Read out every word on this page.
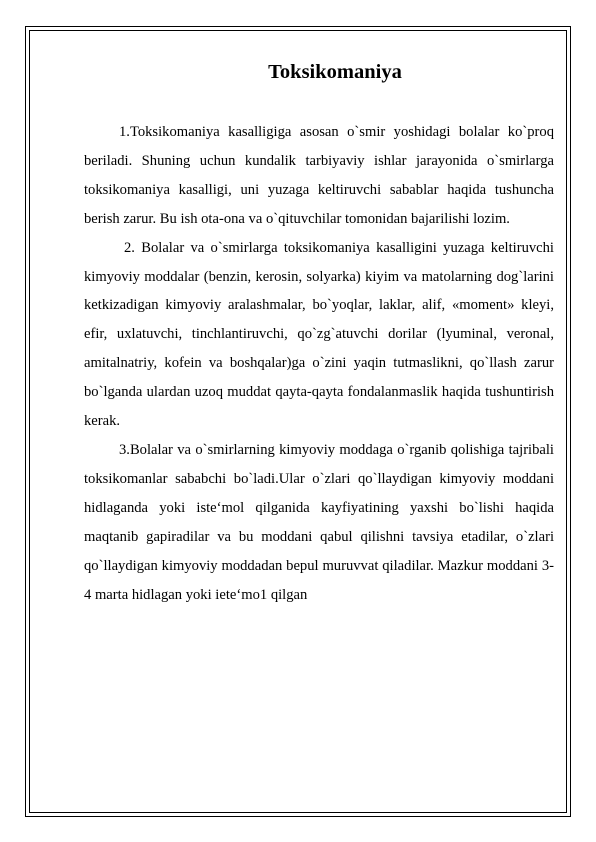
Toksikomaniya

1.Toksikomaniya kasalligiga asosan o`smir yoshidagi bolalar ko`proq beriladi. Shuning uchun kundalik tarbiyaviy ishlar jarayonida o`smirlarga toksikomaniya kasalligi, uni yuzaga keltiruvchi sabablar haqida tushuncha berish zarur. Bu ish ota-ona va o`qituvchilar tomonidan bajarilishi lozim.

2. Bolalar va o`smirlarga toksikomaniya kasalligini yuzaga keltiruvchi kimyoviy moddalar (benzin, kerosin, solyarka) kiyim va matolarning dog`larini ketkizadigan kimyoviy aralashmalar, bo`yoqlar, laklar, alif, «moment» kleyi, efir, uxlatuvchi, tinchlantiruvchi, qo`zg`atuvchi dorilar (lyuminal, veronal, amitalnatriy, kofein va boshqalar)ga o`zini yaqin tutmaslikni, qo`llash zarur bo`lganda ulardan uzoq muddat qayta-qayta fondalanmaslik haqida tushuntirish kerak.

3.Bolalar va o`smirlarning kimyoviy moddaga o`rganib qolishiga tajribali toksikomanlar sababchi bo`ladi.Ular o`zlari qo`llaydigan kimyoviy moddani hidlaganda yoki iste‘mol qilganida kayfiyatining yaxshi bo`lishi haqida maqtanib gapiradilar va bu moddani qabul qilishni tavsiya etadilar, o`zlari qo`llaydigan kimyoviy moddadan bepul muruvvat qiladilar. Mazkur moddani 3-4 marta hidlagan yoki iete‘mo1 qilgan
